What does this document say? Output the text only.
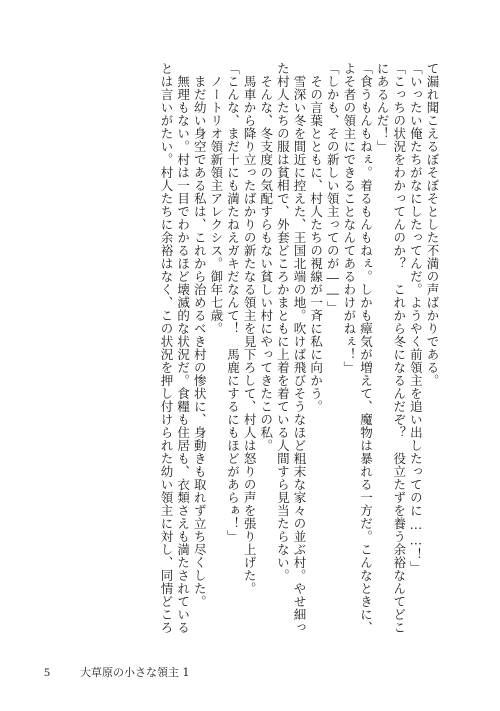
て漏れ聞こえるぼそぼそとした不満の声ばかりである。
「いったい俺たちがなにしたってんだ。ようやく前領主を追い出したってのに……！」
「こっちの状況をわかってんのか？　これから冬になるんだぞ？　役立たずを養う余裕なんてどこ
にあるんだ！」
「食うもんもねぇ。着るもんもねぇ。しかも瘴気が増えて、魔物は暴れる一方だ。こんなときに、
よそ者の領主にできることなんてあるわけがねぇ！」
「しかも、その新しい領主ってのが――」
　その言葉とともに、村人たちの視線が一斉に私に向かう。
　雪深い冬を間近に控えた、王国北端の地。吹けば飛びそうなほど粗末な家々の並ぶ村。やせ細っ
た村人たちの服は貧相で、外套どころかまともに上着を着ている人間すら見当たらない。
　そんな、冬支度の気配すらもない貧しい村にやってきたこの私。
　馬車から降り立ったばかりの新たなる領主を見下ろして、村人は怒りの声を張り上げた。
「こんな、まだ十にも満たねえガキだなんて！　馬鹿にするにもほどがあらぁ！」
　ノートリオ領新領主アレクシス。御年七歳。
　まだ幼い身空である私は、これから治めるべき村の惨状に、身動きも取れず立ち尽くした。
　無理もない。村は一目でわかるほど壊滅的な状況だ。食糧も住居も、衣類さえも満たされている
とは言いがたい。村人たちに余裕はなく、この状況を押し付けられた幼い領主に対し、同情どころ
5	大草原の小さな領主 1
